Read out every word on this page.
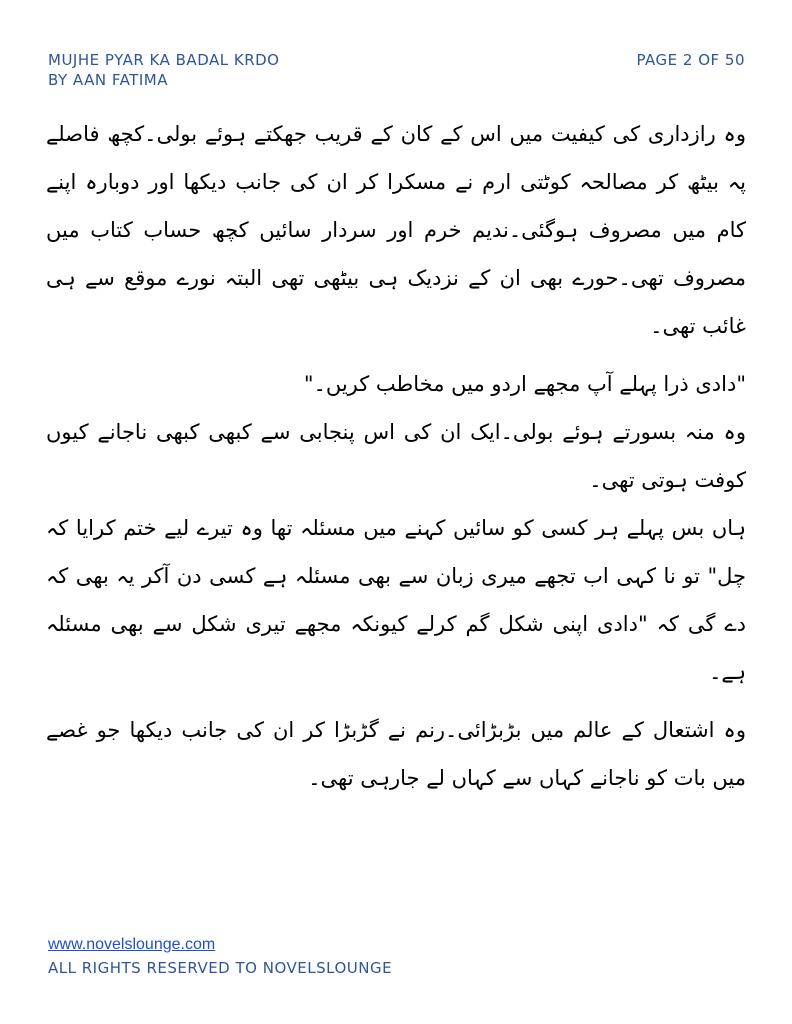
MUJHE PYAR KA BADAL KRDO
BY AAN FATIMA
PAGE 2 OF 50

وہ رازداری کی کیفیت میں اس کے کان کے قریب جھکتے ہوئے بولی۔کچھ فاصلے پہ بیٹھ کر مصالحہ کوٹتی ارم نے مسکرا کر ان کی جانب دیکھا اور دوبارہ اپنے کام میں مصروف ہوگئی۔ندیم خرم اور سردار سائیں کچھ حساب کتاب میں مصروف تھی۔حورے بھی ان کے نزدیک ہی بیٹھی تھی البتہ نورے موقع سے ہی غائب تھی۔

"دادی ذرا پہلے آپ مجھے اردو میں مخاطب کریں۔"

وہ منہ بسورتے ہوئے بولی۔ایک ان کی اس پنجابی سے کبھی کبھی ناجانے کیوں کوفت ہوتی تھی۔

ہاں بس پہلے ہر کسی کو سائیں کہنے میں مسئلہ تھا وہ تیرے لیے ختم کرایا کہ چل" تو نا کہی اب تجھے میری زبان سے بھی مسئلہ ہے کسی دن آکر یہ بھی کہ دے گی کہ "دادی اپنی شکل گم کرلے کیونکہ مجھے تیری شکل سے بھی مسئلہ ہے۔

وہ اشتعال کے عالم میں بڑبڑائی۔رنم نے گڑبڑا کر ان کی جانب دیکھا جو غصے میں بات کو ناجانے کہاں سے کہاں لے جارہی تھی۔

www.novelslounge.com
ALL RIGHTS RESERVED TO NOVELSLOUNGE
